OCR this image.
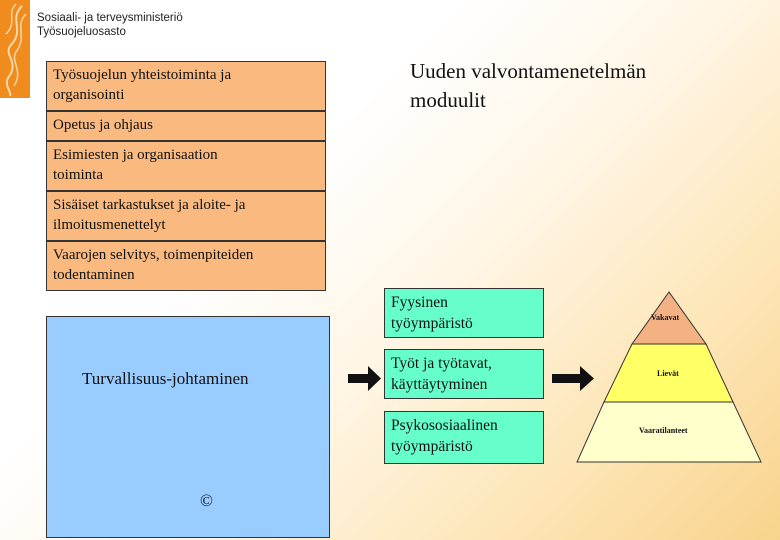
Sosiaali- ja terveysministeriö
Työsuojeluosasto
Uuden valvontamenetelmän
moduulit
Työsuojelun yhteistoiminta ja
organisointi
Opetus ja ohjaus
Esimiesten ja organisaation
toiminta
Sisäiset tarkastukset ja aloite- ja
ilmoitusmenettelyt
Vaarojen selvitys, toimenpiteiden
todentaminen
Turvallisuus-johtaminen
©
Vakavat
Lievät
Vaaratilanteet
Fyysinen
työympäristö
Työt ja työtavat,
käyttäytyminen
Psykososiaalinen
työympäristö
